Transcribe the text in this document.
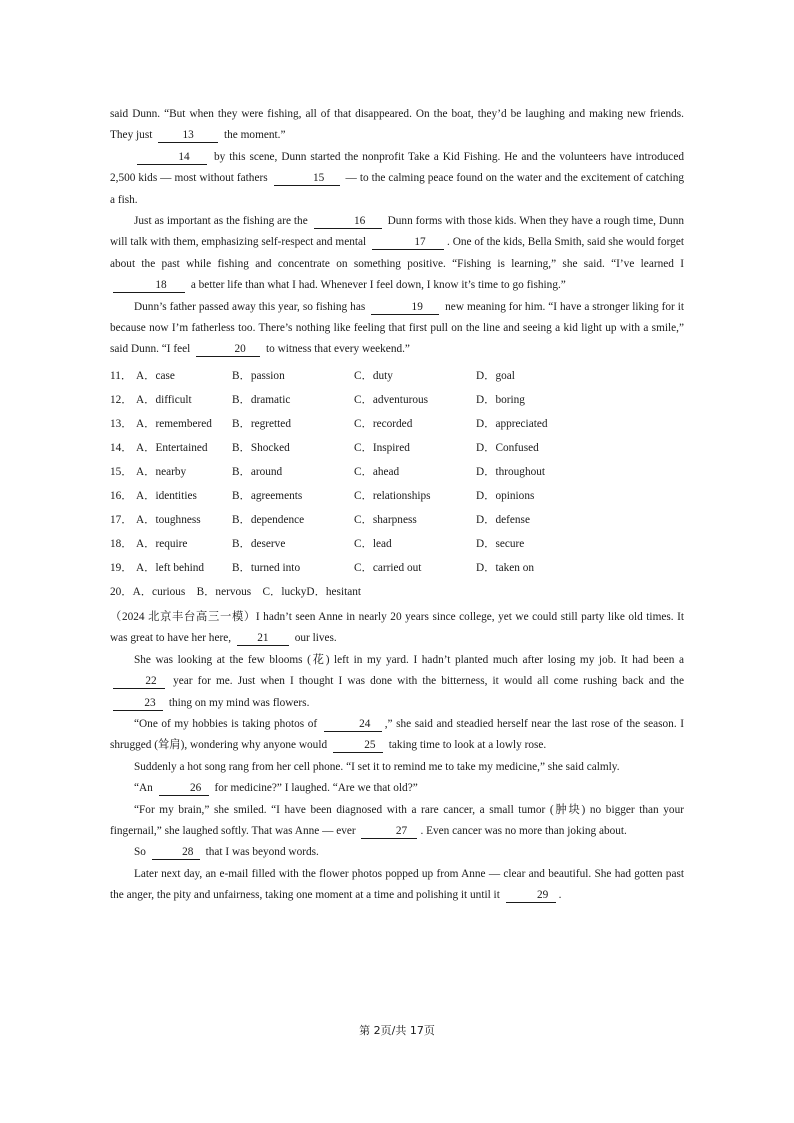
said Dunn. “But when they were fishing, all of that disappeared. On the boat, they’d be laughing and making new friends. They just 13 the moment.”

14 by this scene, Dunn started the nonprofit Take a Kid Fishing. He and the volunteers have introduced 2,500 kids — most without fathers	15 — to the calming peace found on the water and the excitement of catching a fish.

Just as important as the fishing are the	16 Dunn forms with those kids. When they have a rough time, Dunn will talk with them, emphasizing self-respect and mental	17 . One of the kids, Bella Smith, said she would forget about the past while fishing and concentrate on something positive. “Fishing is learning,” she said. “I’ve learned I 18 a better life than what I had. Whenever I feel down, I know it’s time to go fishing.”

Dunn’s father passed away this year, so fishing has	19 new meaning for him. “I have a stronger liking for it because now I’m fatherless too. There’s nothing like feeling that first pull on the line and seeing a kid light up with a smile,” said Dunn. “I feel	20 to witness that every weekend.”

11． A．case	B．passion	C．duty	D．goal
12． A．difficult	B．dramatic	C．adventurous	D．boring
13． A．remembered B．regretted	C．recorded	D．appreciated
14． A．Entertained B．Shocked	C．Inspired	D．Confused
15． A．nearby	B．around	C．ahead	D．throughout
16． A．identities	B．agreements	C．relationships	D．opinions
17． A．toughness	B．dependence	C．sharpness	D．defense
18． A．require	B．deserve	C．lead	D．secure
19． A．left behind B．turned into	C．carried out	D．taken on
20．A．curious　B．nervous　C．luckyD．hesitant

（2024 北京丰台高三一模）I hadn’t seen Anne in nearly 20 years since college, yet we could still party like old times. It was great to have her here, 21 our lives.

She was looking at the few blooms (花) left in my yard. I hadn’t planted much after losing my job. It had been a 22 year for me. Just when I thought I was done with the bitterness, it would all come rushing back and the 23 thing on my mind was flowers.

“One of my hobbies is taking photos of	24 ,” she said and steadied herself near the last rose of the season. I shrugged (耸肩), wondering why anyone would	25 taking time to look at a lowly rose.

Suddenly a hot song rang from her cell phone. “I set it to remind me to take my medicine,” she said calmly.

“An	26 for medicine?” I laughed. “Are we that old?”

“For my brain,” she smiled. “I have been diagnosed with a rare cancer, a small tumor (肿块) no bigger than your fingernail,” she laughed softly. That was Anne — ever	27 . Even cancer was no more than joking about.

So	28 that I was beyond words.

Later next day, an e-mail filled with the flower photos popped up from Anne — clear and beautiful. She had gotten past the anger, the pity and unfairness, taking one moment at a time and polishing it until it	29 .

第 2页/共 17页
